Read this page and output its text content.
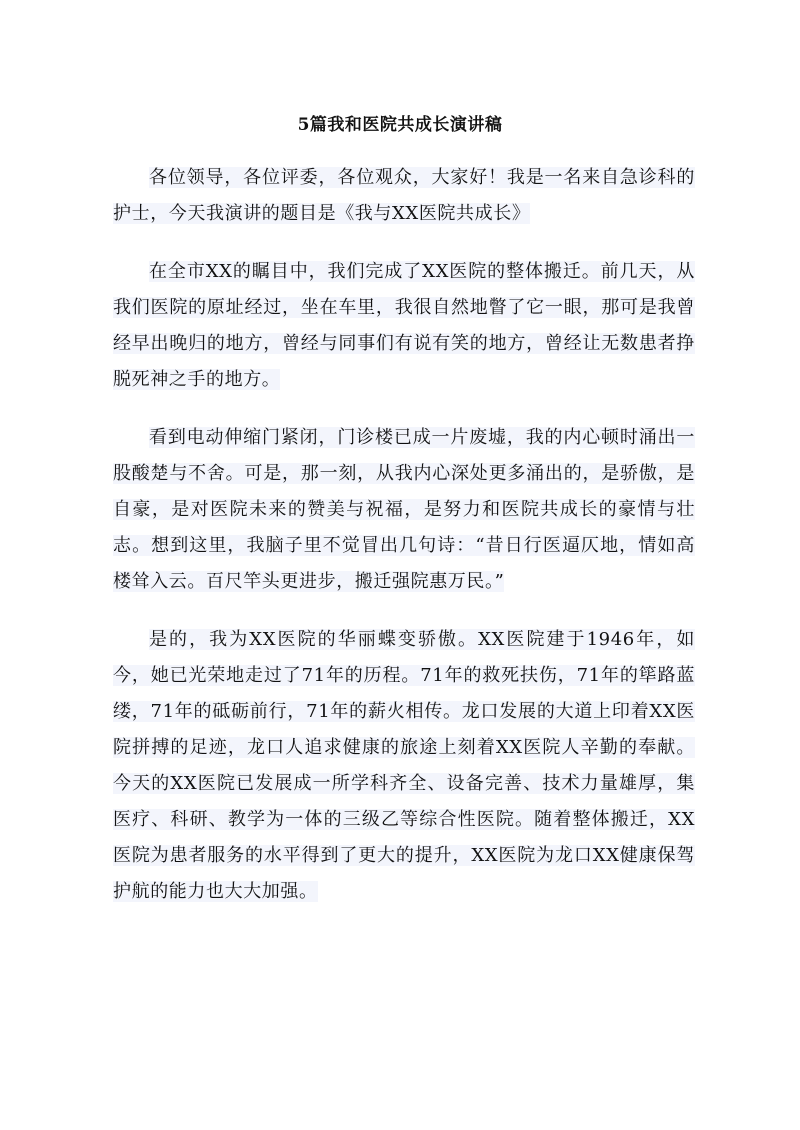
5篇我和医院共成长演讲稿

各位领导，各位评委，各位观众，大家好！我是一名来自急诊科的护士，今天我演讲的题目是《我与XX医院共成长》

在全市XX的瞩目中，我们完成了XX医院的整体搬迁。前几天，从我们医院的原址经过，坐在车里，我很自然地瞥了它一眼，那可是我曾经早出晚归的地方，曾经与同事们有说有笑的地方，曾经让无数患者挣脱死神之手的地方。

看到电动伸缩门紧闭，门诊楼已成一片废墟，我的内心顿时涌出一股酸楚与不舍。可是，那一刻，从我内心深处更多涌出的，是骄傲，是自豪，是对医院未来的赞美与祝福，是努力和医院共成长的豪情与壮志。想到这里，我脑子里不觉冒出几句诗：“昔日行医逼仄地，情如高楼耸入云。百尺竿头更进步，搬迁强院惠万民。”

是的，我为XX医院的华丽蝶变骄傲。XX医院建于1946年，如今，她已光荣地走过了71年的历程。71年的救死扶伤，71年的筚路蓝缕，71年的砥砺前行，71年的薪火相传。龙口发展的大道上印着XX医院拼搏的足迹，龙口人追求健康的旅途上刻着XX医院人辛勤的奉献。今天的XX医院已发展成一所学科齐全、设备完善、技术力量雄厚，集医疗、科研、教学为一体的三级乙等综合性医院。随着整体搬迁，XX医院为患者服务的水平得到了更大的提升，XX医院为龙口XX健康保驾护航的能力也大大加强。
